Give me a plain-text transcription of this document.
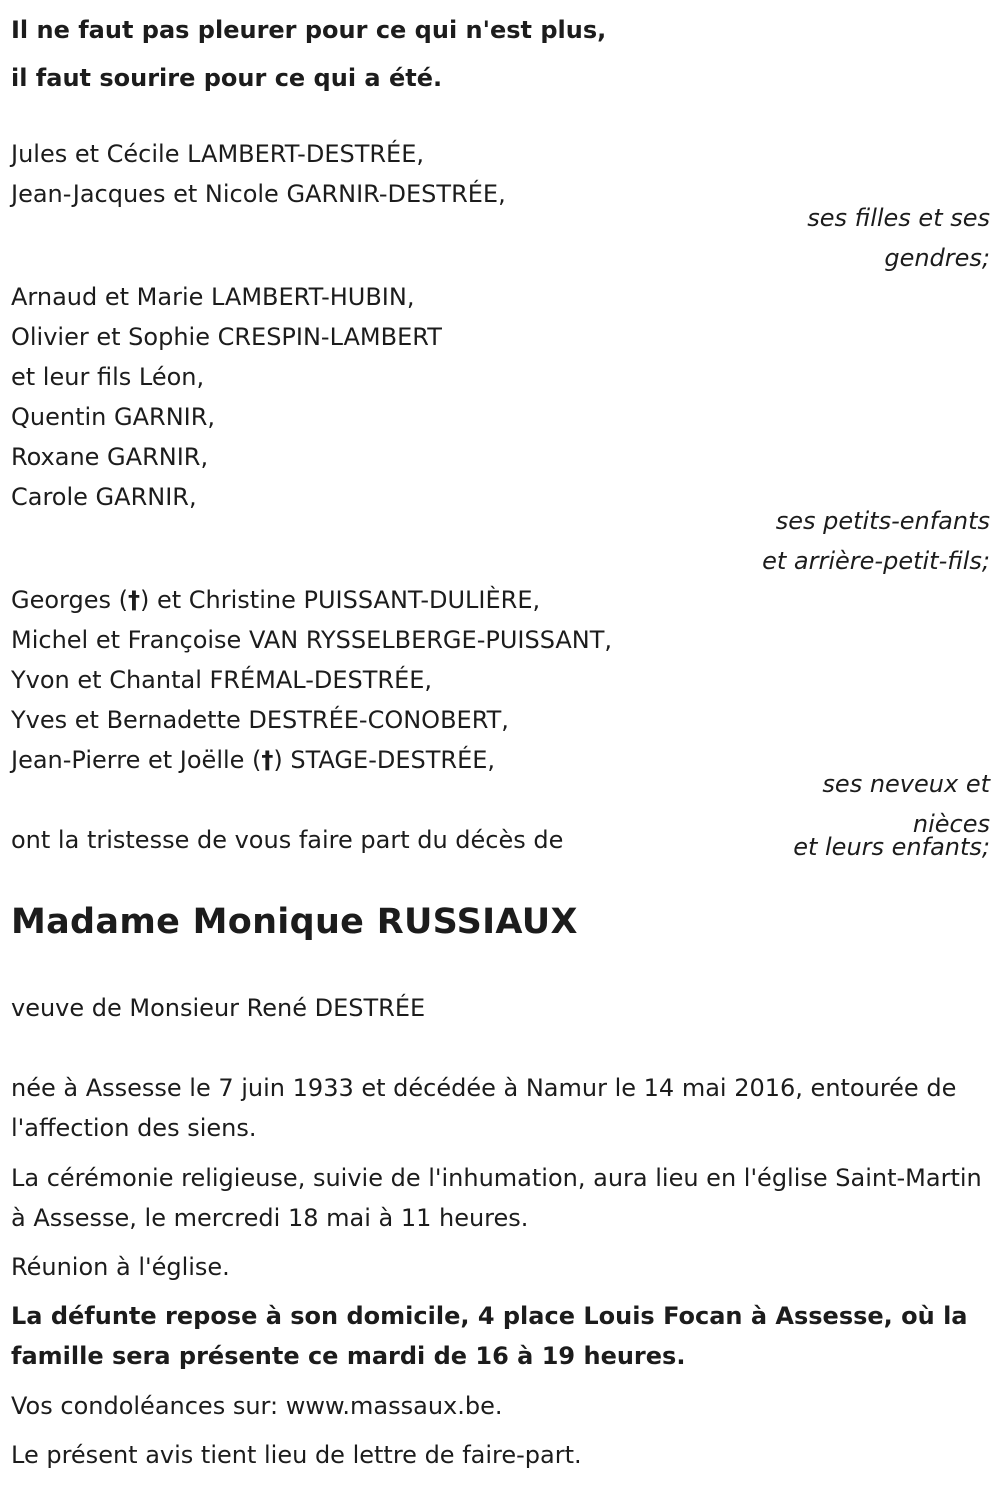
Il ne faut pas pleurer pour ce qui n'est plus,
il faut sourire pour ce qui a été.
Jules et Cécile LAMBERT-DESTRÉE,
Jean-Jacques et Nicole GARNIR-DESTRÉE,
ses filles et ses
gendres;
Arnaud et Marie LAMBERT-HUBIN,
Olivier et Sophie CRESPIN-LAMBERT
et leur fils Léon,
Quentin GARNIR,
Roxane GARNIR,
Carole GARNIR,
ses petits-enfants
et arrière-petit-fils;
Georges (†) et Christine PUISSANT-DULIÈRE,
Michel et Françoise VAN RYSSELBERGE-PUISSANT,
Yvon et Chantal FRÉMAL-DESTRÉE,
Yves et Bernadette DESTRÉE-CONOBERT,
Jean-Pierre et Joëlle (†) STAGE-DESTRÉE,
ses neveux et
nièces
et leurs enfants;
ont la tristesse de vous faire part du décès de
Madame Monique RUSSIAUX
veuve de Monsieur René DESTRÉE
née à Assesse le 7 juin 1933 et décédée à Namur le 14 mai 2016, entourée de l'affection des siens.
La cérémonie religieuse, suivie de l'inhumation, aura lieu en l'église Saint-Martin à Assesse, le mercredi 18 mai à 11 heures.
Réunion à l'église.
La défunte repose à son domicile, 4 place Louis Focan à Assesse, où la famille sera présente ce mardi de 16 à 19 heures.
Vos condoléances sur: www.massaux.be.
Le présent avis tient lieu de lettre de faire-part.
